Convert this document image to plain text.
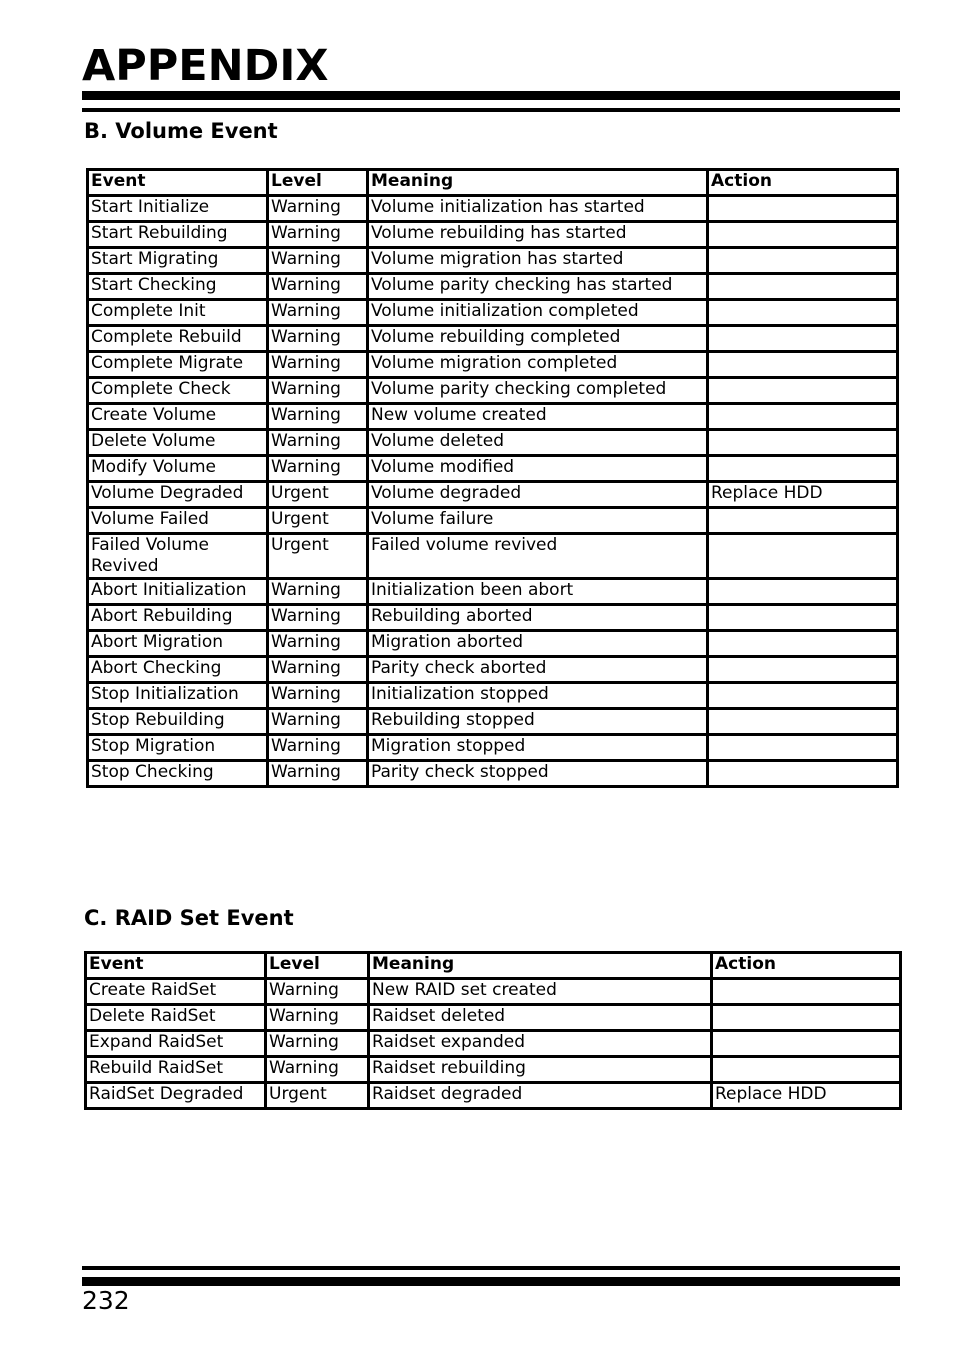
APPENDIX
B. Volume Event
Event	Level	Meaning	Action
Start Initialize	Warning	Volume initialization has started	
Start Rebuilding	Warning	Volume rebuilding has started	
Start Migrating	Warning	Volume migration has started	
Start Checking	Warning	Volume parity checking has started	
Complete Init	Warning	Volume initialization completed	
Complete Rebuild	Warning	Volume rebuilding completed	
Complete Migrate	Warning	Volume migration completed	
Complete Check	Warning	Volume parity checking completed	
Create Volume	Warning	New volume created	
Delete Volume	Warning	Volume deleted	
Modify Volume	Warning	Volume modified	
Volume Degraded	Urgent	Volume degraded	Replace HDD
Volume Failed	Urgent	Volume failure	
Failed Volume Revived	Urgent	Failed volume revived	
Abort Initialization	Warning	Initialization been abort	
Abort Rebuilding	Warning	Rebuilding aborted	
Abort Migration	Warning	Migration aborted	
Abort Checking	Warning	Parity check aborted	
Stop Initialization	Warning	Initialization stopped	
Stop Rebuilding	Warning	Rebuilding stopped	
Stop Migration	Warning	Migration stopped	
Stop Checking	Warning	Parity check stopped	
C. RAID Set Event
Event	Level	Meaning	Action
Create RaidSet	Warning	New RAID set created	
Delete RaidSet	Warning	Raidset deleted	
Expand RaidSet	Warning	Raidset expanded	
Rebuild RaidSet	Warning	Raidset rebuilding	
RaidSet Degraded	Urgent	Raidset degraded	Replace HDD
232
